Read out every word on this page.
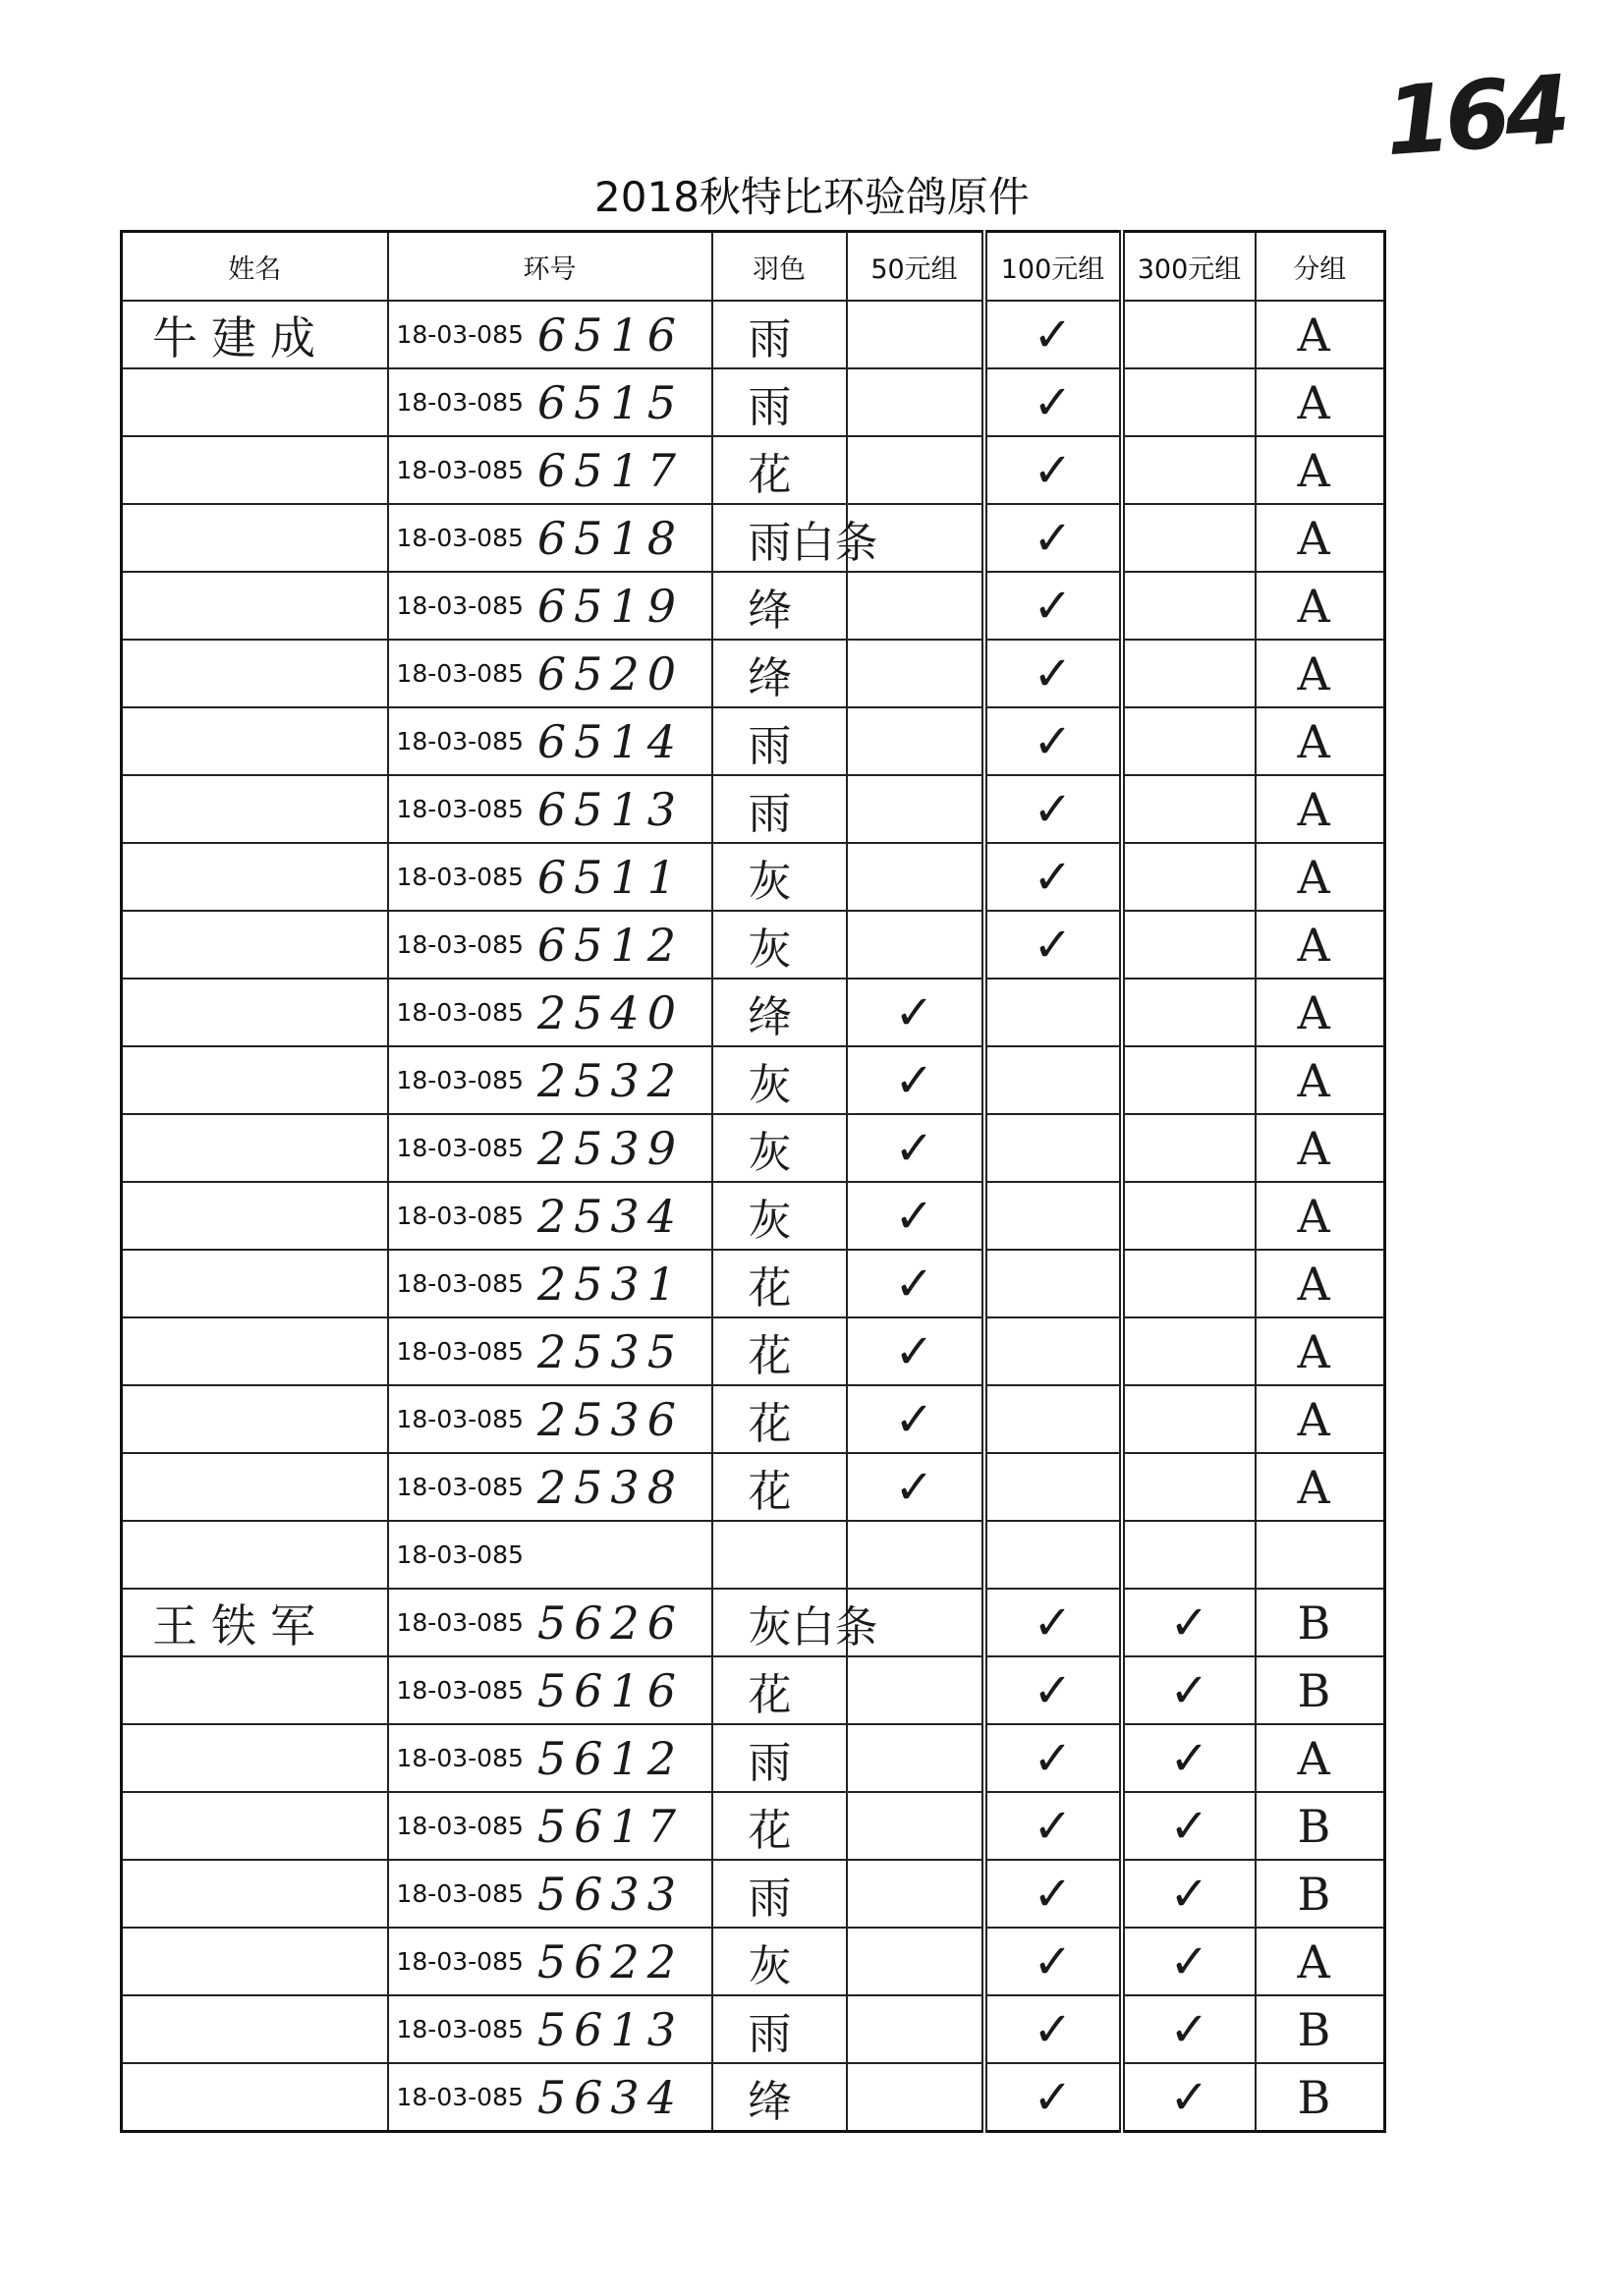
164
2018秋特比环验鸽原件
姓名	环号	羽色	50元组	100元组	300元组	分组
牛建成	18-03-085 6516	雨		✓		A
	18-03-085 6515	雨		✓		A
	18-03-085 6517	花		✓		A
	18-03-085 6518	雨白条		✓		A
	18-03-085 6519	绛		✓		A
	18-03-085 6520	绛		✓		A
	18-03-085 6514	雨		✓		A
	18-03-085 6513	雨		✓		A
	18-03-085 6511	灰		✓		A
	18-03-085 6512	灰		✓		A
	18-03-085 2540	绛	✓			A
	18-03-085 2532	灰	✓			A
	18-03-085 2539	灰	✓			A
	18-03-085 2534	灰	✓			A
	18-03-085 2531	花	✓			A
	18-03-085 2535	花	✓			A
	18-03-085 2536	花	✓			A
	18-03-085 2538	花	✓			A
	18-03-085					
王铁军	18-03-085 5626	灰白条		✓	✓	B
	18-03-085 5616	花		✓	✓	B
	18-03-085 5612	雨		✓	✓	A
	18-03-085 5617	花		✓	✓	B
	18-03-085 5633	雨		✓	✓	B
	18-03-085 5622	灰		✓	✓	A
	18-03-085 5613	雨		✓	✓	B
	18-03-085 5634	绛		✓	✓	B
